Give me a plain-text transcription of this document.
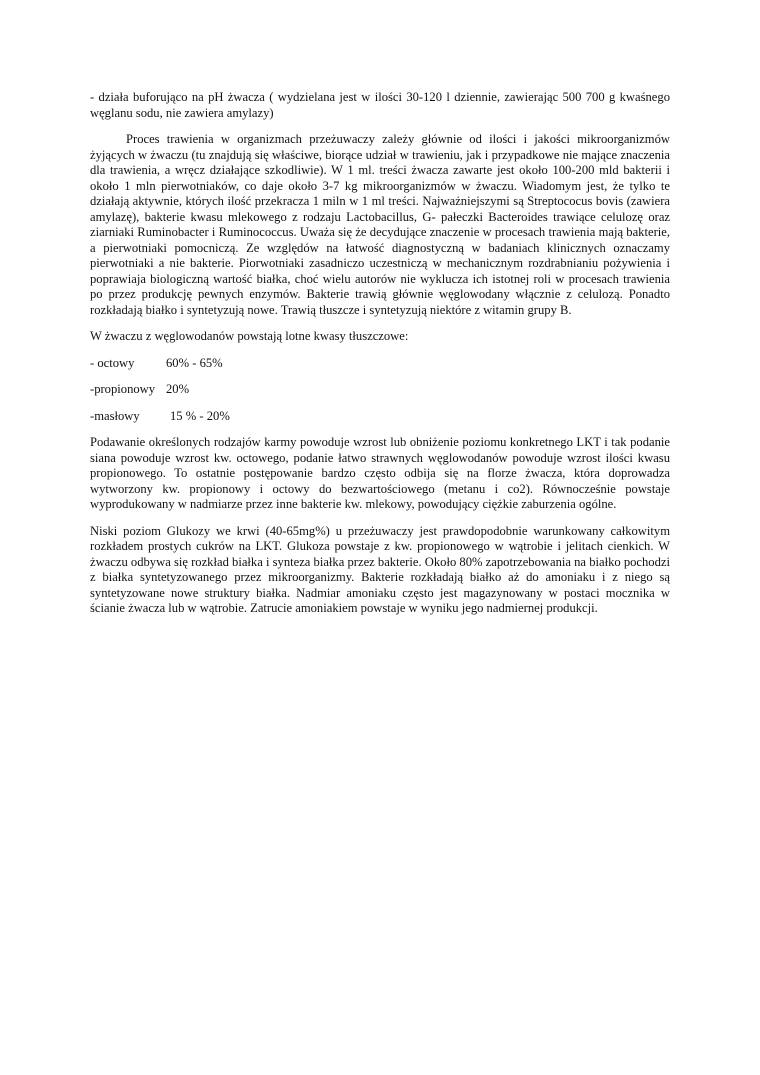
- działa buforująco na pH żwacza ( wydzielana jest w ilości 30-120 l dziennie, zawierając 500 700 g kwaśnego węglanu sodu, nie zawiera amylazy)

Proces trawienia w organizmach przeżuwaczy zależy głównie od ilości i jakości mikroorganizmów żyjących w żwaczu (tu znajdują się właściwe, biorące udział w trawieniu, jak i przypadkowe nie mające znaczenia dla trawienia, a wręcz działające szkodliwie). W 1 ml. treści żwacza zawarte jest około 100-200 mld bakterii i około 1 mln pierwotniaków, co daje około 3-7 kg mikroorganizmów w żwaczu. Wiadomym jest, że tylko te działają aktywnie, których ilość przekracza 1 miln w 1 ml treści. Najważniejszymi są Streptococus bovis (zawiera amylazę), bakterie kwasu mlekowego z rodzaju Lactobacillus, G- pałeczki Bacteroides trawiące celulozę oraz ziarniaki Ruminobacter i Ruminococcus. Uważa się że decydujące znaczenie w procesach trawienia mają bakterie, a pierwotniaki pomocniczą. Ze względów na łatwość diagnostyczną w badaniach klinicznych oznaczamy pierwotniaki a nie bakterie. Piorwotniaki zasadniczo uczestniczą w mechanicznym rozdrabnianiu pożywienia i poprawiaja biologiczną wartość białka, choć wielu autorów nie wyklucza ich istotnej roli w procesach trawienia po przez produkcję pewnych enzymów. Bakterie trawią głównie węglowodany włącznie z celulozą. Ponadto rozkładają białko i syntetyzują nowe. Trawią tłuszcze i syntetyzują niektóre z witamin grupy B.

W żwaczu z węglowodanów powstają lotne kwasy tłuszczowe:

- octowy	60% - 65%
-propionowy 20%
-masłowy	15 % - 20%

Podawanie określonych rodzajów karmy powoduje wzrost lub obniżenie poziomu konkretnego LKT i tak podanie siana powoduje wzrost kw. octowego, podanie łatwo strawnych węglowodanów powoduje wzrost ilości kwasu propionowego. To ostatnie postępowanie bardzo często odbija się na florze żwacza, która doprowadza wytworzony kw. propionowy i octowy do bezwartościowego (metanu i co2). Równocześnie powstaje wyprodukowany w nadmiarze przez inne bakterie kw. mlekowy, powodujący ciężkie zaburzenia ogólne.

Niski poziom Glukozy we krwi (40-65mg%) u przeżuwaczy jest prawdopodobnie warunkowany całkowitym rozkładem prostych cukrów na LKT. Glukoza powstaje z kw. propionowego w wątrobie i jelitach cienkich. W żwaczu odbywa się rozkład białka i synteza białka przez bakterie. Około 80% zapotrzebowania na białko pochodzi z białka syntetyzowanego przez mikroorganizmy. Bakterie rozkładają białko aż do amoniaku i z niego są syntetyzowane nowe struktury białka. Nadmiar amoniaku często jest magazynowany w postaci mocznika w ścianie żwacza lub w wątrobie. Zatrucie amoniakiem powstaje w wyniku jego nadmiernej produkcji.
